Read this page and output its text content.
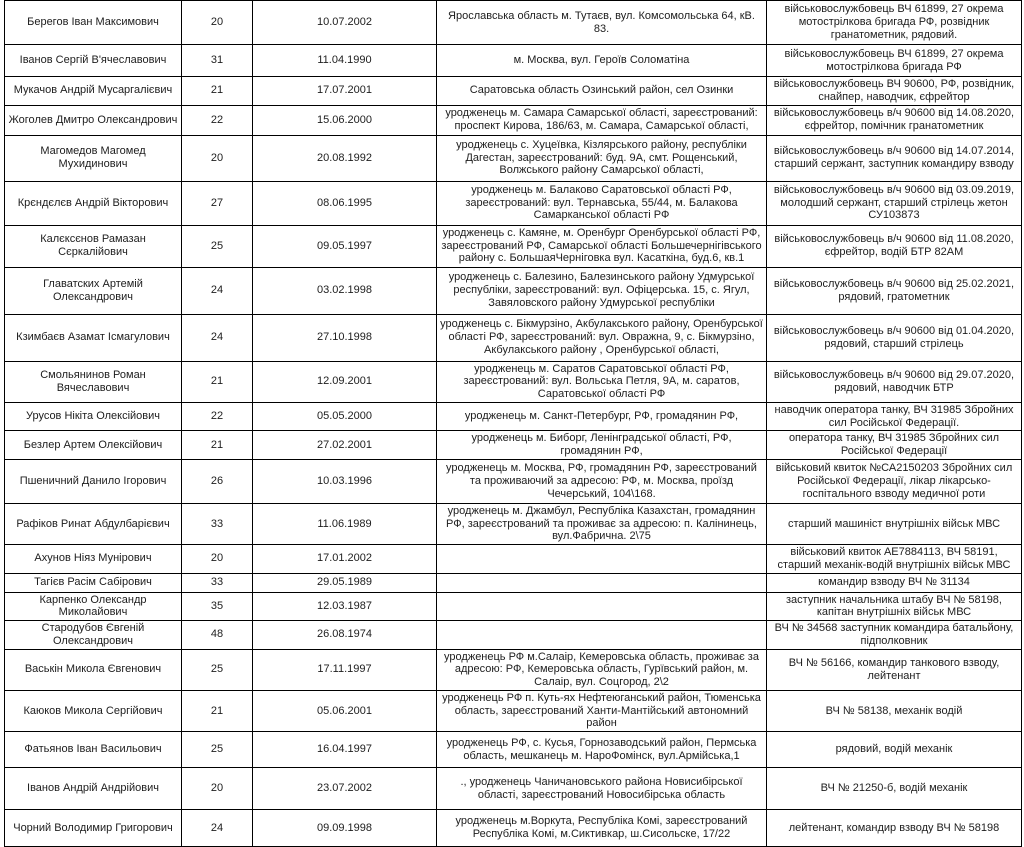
Берегов Іван Максимович	20	10.07.2002	Ярославська область м. Тутаєв, вул. Комсомольська 64, кВ. 83.	військовослужбовець ВЧ 61899, 27 окрема мотострілкова бригада РФ, розвідник гранатометник, рядовий.
Іванов Сергій В'ячеславович	31	11.04.1990	м. Москва, вул. Героїв Соломатіна	військовослужбовець ВЧ 61899, 27 окрема мотострілкова бригада РФ
Мукачов Андрій Мусаргалієвич	21	17.07.2001	Саратовська область Озинський район, сел Озинки	військовослужбовець ВЧ 90600, РФ, розвідник, снайпер, наводчик, єфрейтор
Жоголев Дмитро Олександрович	22	15.06.2000	уродженець м. Самара Самарської області, зареєстрований: проспект Кирова, 186/63, м. Самара, Самарської області,	військовослужбовець в/ч 90600 від 14.08.2020, єфрейтор, помічник гранатометник
Магомедов Магомед Мухидинович	20	20.08.1992	уродженець с. Хуцеївка, Кізлярського району, республіки Дагестан, зареєстрований: буд. 9А, смт. Рощенський, Волжського району Самарської області,	військовослужбовець в/ч 90600 від 14.07.2014, старший сержант, заступник командиру взводу
Крєндєлєв Андрій Вікторович	27	08.06.1995	уродженець м. Балаково Саратовської області РФ, зареєстрований: вул. Тернавська, 55/44, м. Балакова Самарканської області РФ	військовослужбовець в/ч 90600 від 03.09.2019, молодший сержант, старший стрілець жетон СУ103873
Калєксєнов Рамазан Сєркалійович	25	09.05.1997	уродженець с. Камяне, м. Оренбург Оренбурської області РФ, зареєстрований РФ, Самарської області Большечернігівського району с. БольшаяЧерніговка вул. Касаткіна, буд.6, кв.1	військовослужбовець в/ч 90600 від 11.08.2020, єфрейтор, водій БТР 82АМ
Главатских Артемій Олександрович	24	03.02.1998	уродженець с. Балезино, Балезинського району Удмурської республіки, зареєстрований: вул. Офіцерська. 15, с. Ягул, Завяловского району Удмурської республіки	військовослужбовець в/ч 90600 від 25.02.2021, рядовий, гратометник
Кзимбаєв Азамат Ісмагулович	24	27.10.1998	уродженець с. Бікмурзіно, Акбулакського району, Оренбурської області РФ, зареєстрований: вул. Овражна, 9, с. Бікмурзіно, Акбулакського району , Оренбурської області,	військовослужбовець в/ч 90600 від 01.04.2020, рядовий, старший стрілець
Смольянинов Роман Вячеславович	21	12.09.2001	уродженець м. Саратов Саратовської області РФ, зареєстрований: вул. Вольська Петля, 9А, м. саратов, Саратовської області РФ	військовослужбовець в/ч 90600 від 29.07.2020, рядовий, наводчик БТР
Урусов Нікіта Олексійович	22	05.05.2000	уродженець м. Санкт-Петербург, РФ, громадянин РФ,	наводчик оператора танку, ВЧ 31985 Збройних сил Російської Федерації.
Безлер Артем Олексійович	21	27.02.2001	уродженець м. Биборг, Ленінградської області, РФ, громадянин РФ,	оператора танку, ВЧ 31985 Збройних сил Російської Федерації
Пшеничний Данило Ігорович	26	10.03.1996	уродженець м. Москва, РФ, громадянин РФ, зареєстрований та проживаючий за адресою: РФ, м. Москва, проїзд Чечерський, 104\168.	військовий квиток №СА2150203 Збройних сил Російської Федерації, лікар лікарсько-госпітального взводу медичної роти
Рафіков Ринат Абдулбарієвич	33	11.06.1989	уродженець м. Джамбул, Республіка Казахстан, громадянин РФ, зареєстрований та проживає за адресою: п. Калінинець, вул.Фабрична. 2\75	старший машиніст внутрішніх військ МВС
Ахунов Ніяз Мунірович	20	17.01.2002		військовий квиток АЕ7884113, ВЧ 58191, старший механік-водій внутрішніх військ МВС
Тагієв Расім Сабірович	33	29.05.1989		командир взводу ВЧ № 31134
Карпенко Олександр Миколайович	35	12.03.1987		заступник начальника штабу ВЧ № 58198, капітан внутрішніх військ МВС
Стародубов Євгеній Олександрович	48	26.08.1974		ВЧ № 34568 заступник командира батальйону, підполковник
Васькін Микола Євгенович	25	17.11.1997	уродженець РФ м.Салаір, Кемеровська область, проживає за адресою: РФ, Кемеровська область, Гурївський район, м. Салаір, вул. Соцгород, 2\2	ВЧ № 56166, командир танкового взводу, лейтенант
Каюков Микола Сергійович	21	05.06.2001	уродженець РФ п. Куть-ях Нефтеюганський район, Тюменська область, зареєстрований Ханти-Мантійський автономний район	ВЧ № 58138, механік водій
Фатьянов Іван Васильович	25	16.04.1997	уродженець РФ, с. Кусья, Горнозаводський район, Пермська область, мешканець м. НароФомінск, вул.Армійська,1	рядовий, водій механік
Іванов Андрій Андрійович	20	23.07.2002	., уродженець Чаничановського района Новисибірської області, зареєстрований Новосибірська область	ВЧ № 21250-б, водій механік
Чорний Володимир Григорович	24	09.09.1998	уродженець м.Воркута, Республіка Комі, зареєстрований Республіка Комі, м.Сиктивкар, ш.Сисольске, 17/22	лейтенант, командир взводу ВЧ № 58198
